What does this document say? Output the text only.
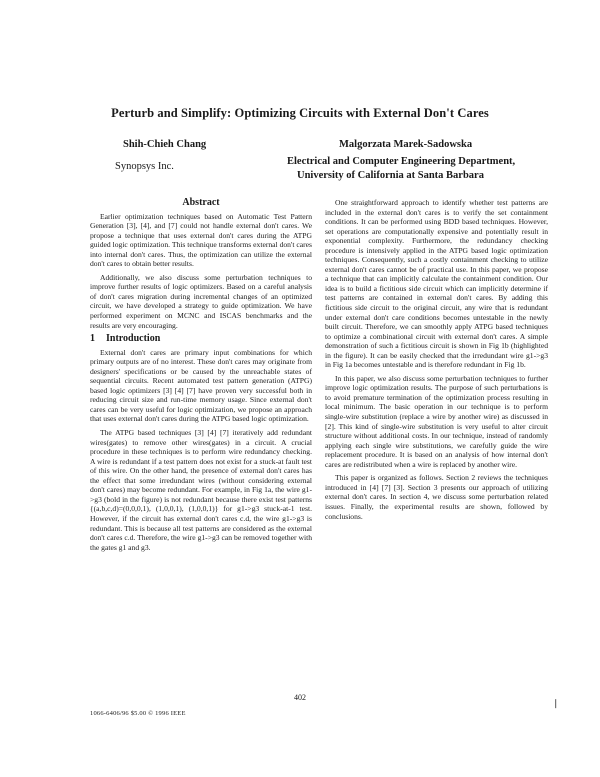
Perturb and Simplify: Optimizing Circuits with External Don't Cares
Shih-Chieh Chang	Malgorzata Marek-Sadowska
Synopsys Inc.	Electrical and Computer Engineering Department,
University of California at Santa Barbara
Abstract

Earlier optimization techniques based on Automatic Test Pattern Generation [3], [4], and [7] could not handle external don't cares. We propose a technique that uses external don't cares during the ATPG guided logic optimization. This technique transforms external don't cares into internal don't cares. Thus, the optimization can utilize the external don't cares to obtain better results.

Additionally, we also discuss some perturbation techniques to improve further results of logic optimizers. Based on a careful analysis of don't cares migration during incremental changes of an optimized circuit, we have developed a strategy to guide optimization. We have performed experiment on MCNC and ISCAS benchmarks and the results are very encouraging.

1 Introduction

External don't cares are primary input combinations for which primary outputs are of no interest. These don't cares may originate from designers' specifications or be caused by the unreachable states of sequential circuits. Recent automated test pattern generation (ATPG) based logic optimizers [3] [4] [7] have proven very successful both in reducing circuit size and run-time memory usage. Since external don't cares can be very useful for logic optimization, we propose an approach that uses external don't cares during the ATPG based logic optimization.

The ATPG based techniques [3] [4] [7] iteratively add redundant wires(gates) to remove other wires(gates) in a circuit. A crucial procedure in these techniques is to perform wire redundancy checking. A wire is redundant if a test pattern does not exist for a stuck-at fault test of this wire. On the other hand, the presence of external don't cares has the effect that some irredundant wires (without considering external don't cares) may become redundant. For example, in Fig 1a, the wire g1->g3 (bold in the figure) is not redundant because there exist test patterns {(a,b,c,d)=(0,0,0,1), (1,0,0,1), (1,0,0,1)} for g1->g3 stuck-at-1 test. However, if the circuit has external don't cares c.d, the wire g1->g3 is redundant. This is because all test patterns are considered as the external don't cares c.d. Therefore, the wire g1->g3 can be removed together with the gates g1 and g3.

One straightforward approach to identify whether test patterns are included in the external don't cares is to verify the set containment conditions. It can be performed using BDD based techniques. However, set operations are computationally expensive and potentially result in exponential complexity. Furthermore, the redundancy checking procedure is intensively applied in the ATPG based logic optimization techniques. Consequently, such a costly containment checking to utilize external don't cares cannot be of practical use. In this paper, we propose a technique that can implicitly calculate the containment condition. Our idea is to build a fictitious side circuit which can implicitly determine if test patterns are contained in external don't cares. By adding this fictitious side circuit to the original circuit, any wire that is redundant under external don't care conditions becomes untestable in the newly built circuit. Therefore, we can smoothly apply ATPG based techniques to optimize a combinational circuit with external don't cares. A simple demonstration of such a fictitious circuit is shown in Fig 1b (highlighted in the figure). It can be easily checked that the irredundant wire g1->g3 in Fig 1a becomes untestable and is therefore redundant in Fig 1b.

In this paper, we also discuss some perturbation techniques to further improve logic optimization results. The purpose of such perturbations is to avoid premature termination of the optimization process resulting in local minimum. The basic operation in our technique is to perform single-wire substitution (replace a wire by another wire) as discussed in [2]. This kind of single-wire substitution is very useful to alter circuit structure without additional costs. In our technique, instead of randomly applying each single wire substitutions, we carefully guide the wire replacement procedure. It is based on an analysis of how internal don't cares are redistributed when a wire is replaced by another wire.

This paper is organized as follows. Section 2 reviews the techniques introduced in [4] [7] [3]. Section 3 presents our approach of utilizing external don't cares. In section 4, we discuss some perturbation related issues. Finally, the experimental results are shown, followed by conclusions.

402
1066-6406/96 $5.00 © 1996 IEEE
❘
